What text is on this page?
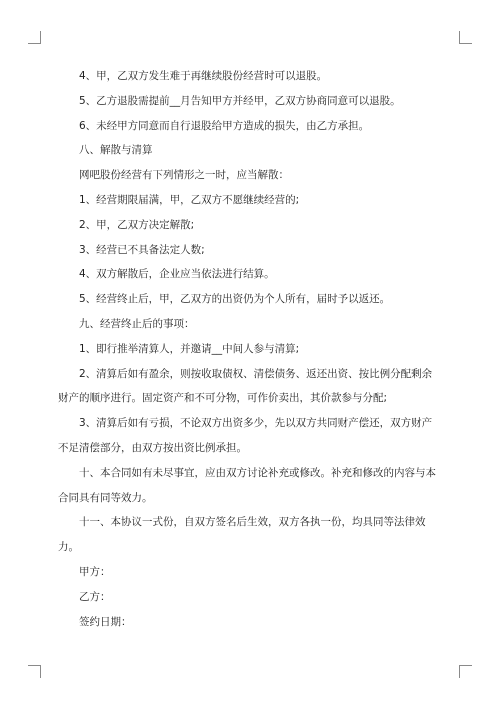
4、甲，乙双方发生难于再继续股份经营时可以退股。

5、乙方退股需提前__月告知甲方并经甲，乙双方协商同意可以退股。

6、未经甲方同意而自行退股给甲方造成的损失，由乙方承担。

八、解散与清算

网吧股份经营有下列情形之一时，应当解散：

1、经营期限届满，甲，乙双方不愿继续经营的;

2、甲，乙双方决定解散;

3、经营已不具备法定人数;

4、双方解散后，企业应当依法进行结算。

5、经营终止后，甲，乙双方的出资仍为个人所有，届时予以返还。

九、经营终止后的事项：

1、即行推举清算人，并邀请__中间人参与清算;

2、清算后如有盈余，则按收取债权、清偿债务、返还出资、按比例分配剩余财产的顺序进行。固定资产和不可分物，可作价卖出，其价款参与分配;

3、清算后如有亏损，不论双方出资多少，先以双方共同财产偿还，双方财产不足清偿部分，由双方按出资比例承担。

十、本合同如有未尽事宜，应由双方讨论补充或修改。补充和修改的内容与本合同具有同等效力。

十一、本协议一式份，自双方签名后生效，双方各执一份，均具同等法律效力。

甲方：

乙方：

签约日期：
